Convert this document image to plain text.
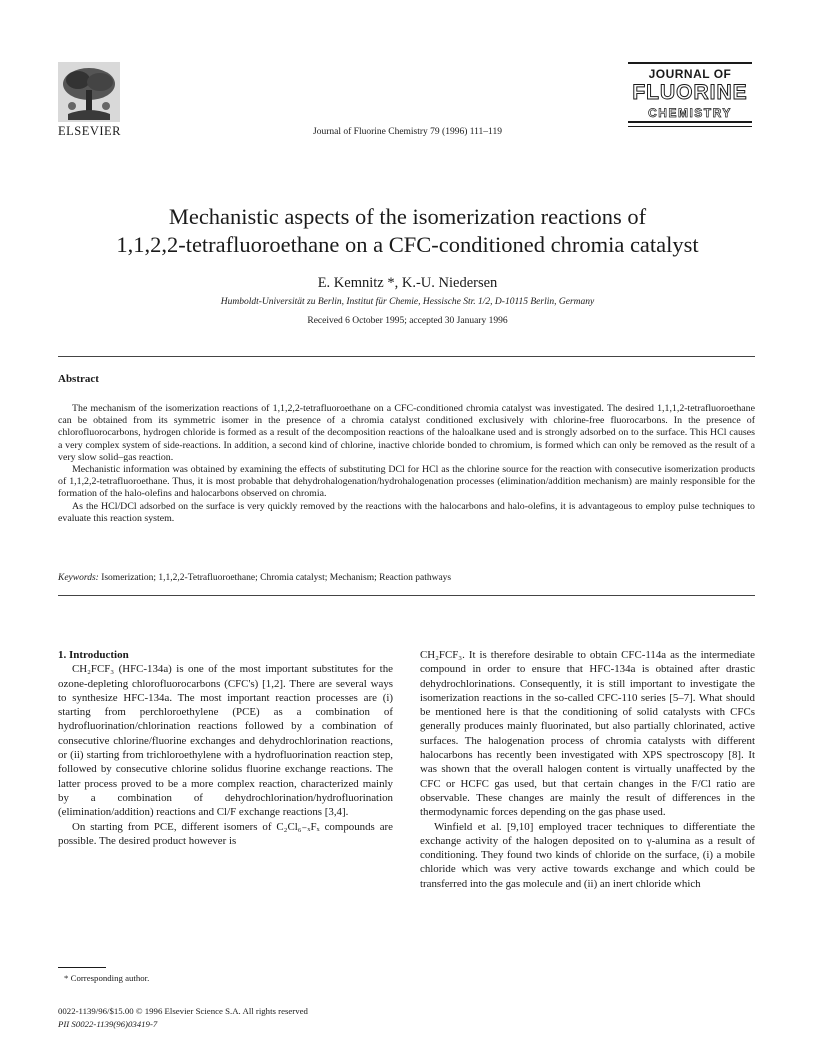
ELSEVIER	Journal of Fluorine Chemistry 79 (1996) 111–119
JOURNAL OF
FLUORINE
CHEMISTRY
Mechanistic aspects of the isomerization reactions of
1,1,2,2-tetrafluoroethane on a CFC-conditioned chromia catalyst
E. Kemnitz *, K.-U. Niedersen
Humboldt-Universität zu Berlin, Institut für Chemie, Hessische Str. 1/2, D-10115 Berlin, Germany
Received 6 October 1995; accepted 30 January 1996
Abstract

The mechanism of the isomerization reactions of 1,1,2,2-tetrafluoroethane on a CFC-conditioned chromia catalyst was investigated. The desired 1,1,1,2-tetrafluoroethane can be obtained from its symmetric isomer in the presence of a chromia catalyst conditioned exclusively with chlorine-free fluorocarbons. In the presence of chlorofluorocarbons, hydrogen chloride is formed as a result of the decomposition reactions of the haloalkane used and is strongly adsorbed on to the surface. This HCl causes a very complex system of side-reactions. In addition, a second kind of chlorine, inactive chloride bonded to chromium, is formed which can only be removed as the result of a very slow solid–gas reaction.

Mechanistic information was obtained by examining the effects of substituting DCl for HCl as the chlorine source for the reaction with consecutive isomerization products of 1,1,2,2-tetrafluoroethane. Thus, it is most probable that dehydrohalogenation/hydrohalogenation processes (elimination/addition mechanism) are mainly responsible for the formation of the halo-olefins and halocarbons observed on chromia.

As the HCl/DCl adsorbed on the surface is very quickly removed by the reactions with the halocarbons and halo-olefins, it is advantageous to employ pulse techniques to evaluate this reaction system.

Keywords: Isomerization; 1,1,2,2-Tetrafluoroethane; Chromia catalyst; Mechanism; Reaction pathways

1. Introduction

CH₂FCF₃ (HFC-134a) is one of the most important substitutes for the ozone-depleting chlorofluorocarbons (CFC's) [1,2]. There are several ways to synthesize HFC-134a. The most important reaction processes are (i) starting from perchloroethylene (PCE) as a combination of hydrofluorination/chlorination reactions followed by a combination of consecutive chlorine/fluorine exchanges and dehydrochlorination reactions, or (ii) starting from trichloroethylene with a hydrofluorination reaction step, followed by consecutive chlorine solidus fluorine exchange reactions. The latter process proved to be a more complex reaction, characterized mainly by a combination of dehydrochlorination/hydrofluorination (elimination/addition) reactions and Cl/F exchange reactions [3,4].

On starting from PCE, different isomers of C₂Cl₆₋ₓFₓ compounds are possible. The desired product however is

CH₂FCF₃. It is therefore desirable to obtain CFC-114a as the intermediate compound in order to ensure that HFC-134a is obtained after drastic dehydrochlorinations. Consequently, it is still important to investigate the isomerization reactions in the so-called CFC-110 series [5–7]. What should be mentioned here is that the conditioning of solid catalysts with CFCs generally produces mainly fluorinated, but also partially chlorinated, active surfaces. The halogenation process of chromia catalysts with different halocarbons has recently been investigated with XPS spectroscopy [8]. It was shown that the overall halogen content is virtually unaffected by the CFC or HCFC gas used, but that certain changes in the F/Cl ratio are observable. These changes are mainly the result of differences in the thermodynamic forces depending on the gas phase used.

Winfield et al. [9,10] employed tracer techniques to differentiate the exchange activity of the halogen deposited on to γ-alumina as a result of conditioning. They found two kinds of chloride on the surface, (i) a mobile chloride which was very active towards exchange and which could be transferred into the gas molecule and (ii) an inert chloride which

* Corresponding author.
0022-1139/96/$15.00 © 1996 Elsevier Science S.A. All rights reserved
PII S0022-1139(96)03419-7
